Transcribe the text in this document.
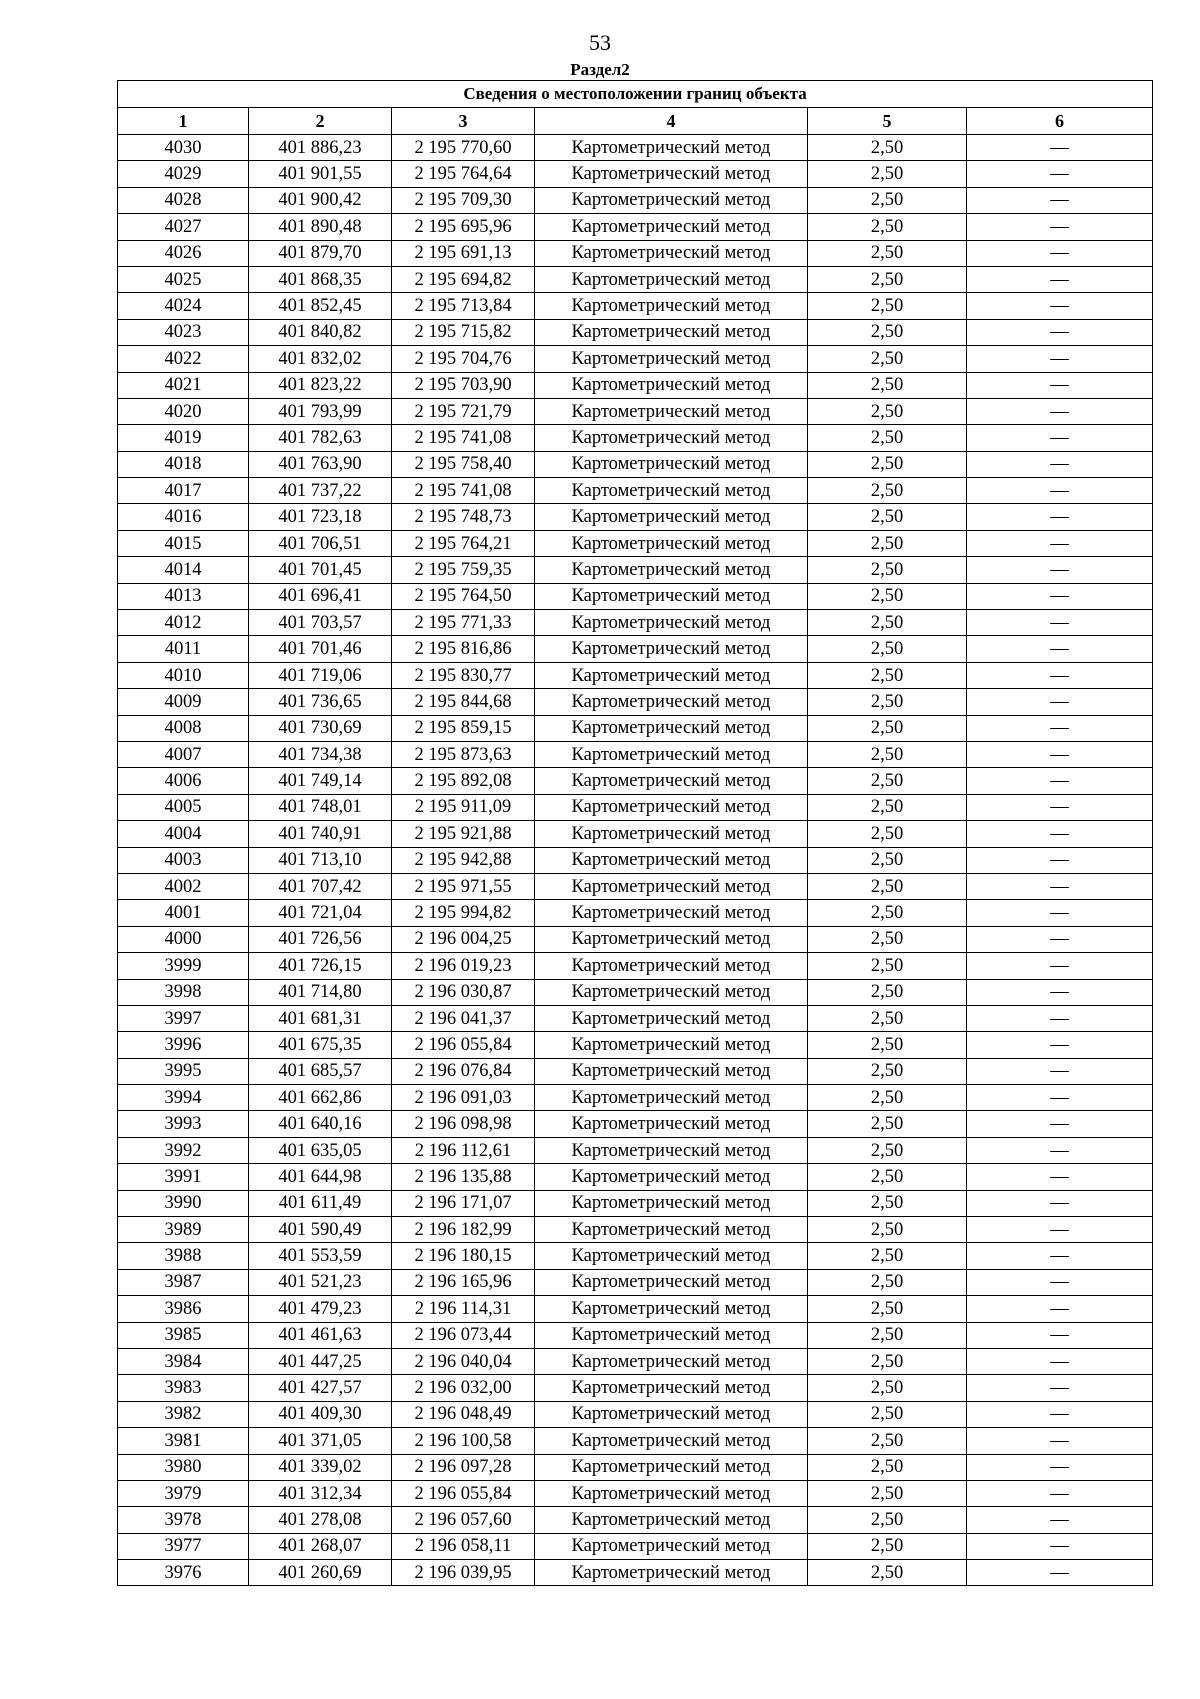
53
Раздел2
Сведения о местоположении границ объекта					
1	2	3	4	5	6
4030	401 886,23	2 195 770,60	Картометрический метод	2,50	—
4029	401 901,55	2 195 764,64	Картометрический метод	2,50	—
4028	401 900,42	2 195 709,30	Картометрический метод	2,50	—
4027	401 890,48	2 195 695,96	Картометрический метод	2,50	—
4026	401 879,70	2 195 691,13	Картометрический метод	2,50	—
4025	401 868,35	2 195 694,82	Картометрический метод	2,50	—
4024	401 852,45	2 195 713,84	Картометрический метод	2,50	—
4023	401 840,82	2 195 715,82	Картометрический метод	2,50	—
4022	401 832,02	2 195 704,76	Картометрический метод	2,50	—
4021	401 823,22	2 195 703,90	Картометрический метод	2,50	—
4020	401 793,99	2 195 721,79	Картометрический метод	2,50	—
4019	401 782,63	2 195 741,08	Картометрический метод	2,50	—
4018	401 763,90	2 195 758,40	Картометрический метод	2,50	—
4017	401 737,22	2 195 741,08	Картометрический метод	2,50	—
4016	401 723,18	2 195 748,73	Картометрический метод	2,50	—
4015	401 706,51	2 195 764,21	Картометрический метод	2,50	—
4014	401 701,45	2 195 759,35	Картометрический метод	2,50	—
4013	401 696,41	2 195 764,50	Картометрический метод	2,50	—
4012	401 703,57	2 195 771,33	Картометрический метод	2,50	—
4011	401 701,46	2 195 816,86	Картометрический метод	2,50	—
4010	401 719,06	2 195 830,77	Картометрический метод	2,50	—
4009	401 736,65	2 195 844,68	Картометрический метод	2,50	—
4008	401 730,69	2 195 859,15	Картометрический метод	2,50	—
4007	401 734,38	2 195 873,63	Картометрический метод	2,50	—
4006	401 749,14	2 195 892,08	Картометрический метод	2,50	—
4005	401 748,01	2 195 911,09	Картометрический метод	2,50	—
4004	401 740,91	2 195 921,88	Картометрический метод	2,50	—
4003	401 713,10	2 195 942,88	Картометрический метод	2,50	—
4002	401 707,42	2 195 971,55	Картометрический метод	2,50	—
4001	401 721,04	2 195 994,82	Картометрический метод	2,50	—
4000	401 726,56	2 196 004,25	Картометрический метод	2,50	—
3999	401 726,15	2 196 019,23	Картометрический метод	2,50	—
3998	401 714,80	2 196 030,87	Картометрический метод	2,50	—
3997	401 681,31	2 196 041,37	Картометрический метод	2,50	—
3996	401 675,35	2 196 055,84	Картометрический метод	2,50	—
3995	401 685,57	2 196 076,84	Картометрический метод	2,50	—
3994	401 662,86	2 196 091,03	Картометрический метод	2,50	—
3993	401 640,16	2 196 098,98	Картометрический метод	2,50	—
3992	401 635,05	2 196 112,61	Картометрический метод	2,50	—
3991	401 644,98	2 196 135,88	Картометрический метод	2,50	—
3990	401 611,49	2 196 171,07	Картометрический метод	2,50	—
3989	401 590,49	2 196 182,99	Картометрический метод	2,50	—
3988	401 553,59	2 196 180,15	Картометрический метод	2,50	—
3987	401 521,23	2 196 165,96	Картометрический метод	2,50	—
3986	401 479,23	2 196 114,31	Картометрический метод	2,50	—
3985	401 461,63	2 196 073,44	Картометрический метод	2,50	—
3984	401 447,25	2 196 040,04	Картометрический метод	2,50	—
3983	401 427,57	2 196 032,00	Картометрический метод	2,50	—
3982	401 409,30	2 196 048,49	Картометрический метод	2,50	—
3981	401 371,05	2 196 100,58	Картометрический метод	2,50	—
3980	401 339,02	2 196 097,28	Картометрический метод	2,50	—
3979	401 312,34	2 196 055,84	Картометрический метод	2,50	—
3978	401 278,08	2 196 057,60	Картометрический метод	2,50	—
3977	401 268,07	2 196 058,11	Картометрический метод	2,50	—
3976	401 260,69	2 196 039,95	Картометрический метод	2,50	—
